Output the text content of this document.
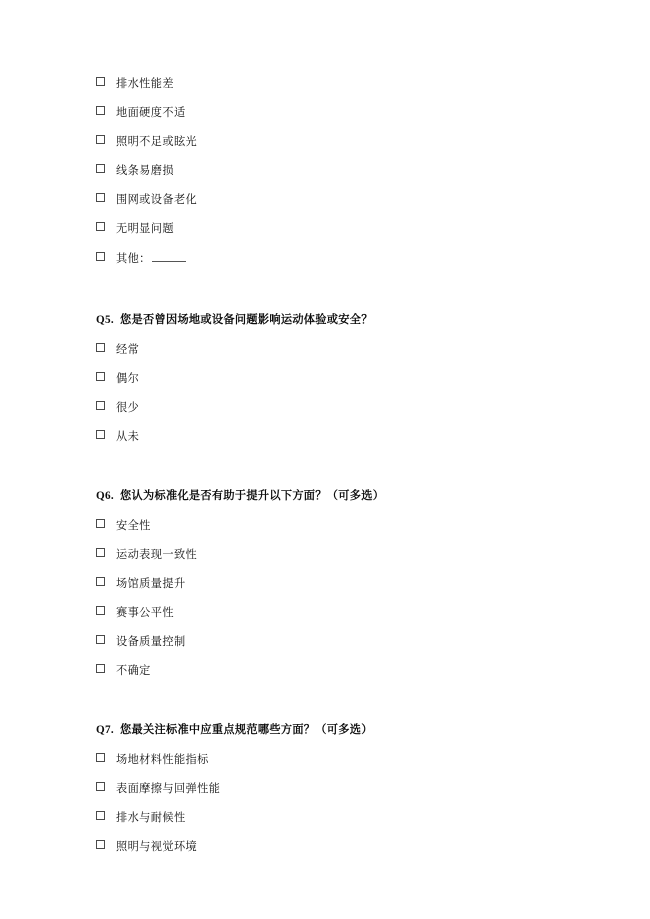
排水性能差
地面硬度不适
照明不足或眩光
线条易磨损
围网或设备老化
无明显问题
其他：
Q5. 您是否曾因场地或设备问题影响运动体验或安全？
经常
偶尔
很少
从未
Q6. 您认为标准化是否有助于提升以下方面？（可多选）
安全性
运动表现一致性
场馆质量提升
赛事公平性
设备质量控制
不确定
Q7. 您最关注标准中应重点规范哪些方面？（可多选）
场地材料性能指标
表面摩擦与回弹性能
排水与耐候性
照明与视觉环境
